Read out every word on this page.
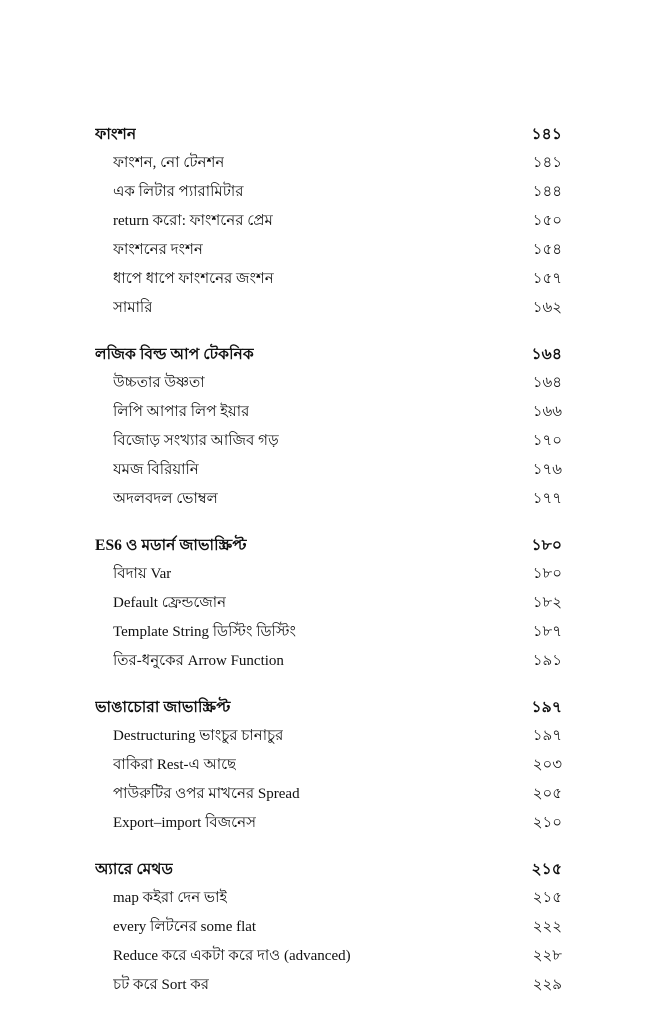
ফাংশন	১৪১
ফাংশন, নো টেনশন	১৪১
এক লিটার প্যারামিটার	১৪৪
return করো: ফাংশনের প্রেম	১৫০
ফাংশনের দংশন	১৫৪
ধাপে ধাপে ফাংশনের জংশন	১৫৭
সামারি	১৬২
লজিক বিল্ড আপ টেকনিক	১৬৪
উচ্চতার উষ্ণতা	১৬৪
লিপি আপার লিপ ইয়ার	১৬৬
বিজোড় সংখ্যার আজিব গড়	১৭০
যমজ বিরিয়ানি	১৭৬
অদলবদল ভোম্বল	১৭৭
ES6 ও মডার্ন জাভাস্ক্রিপ্ট	১৮০
বিদায় Var	১৮০
Default ফ্রেন্ডজোন	১৮২
Template String ডিস্টিং ডিস্টিং	১৮৭
তির-ধনুকের Arrow Function	১৯১
ভাঙাচোরা জাভাস্ক্রিপ্ট	১৯৭
Destructuring ভাংচুর চানাচুর	১৯৭
বাকিরা Rest-এ আছে	২০৩
পাউরুটির ওপর মাখনের Spread	২০৫
Export–import বিজনেস	২১০
অ্যারে মেথড	২১৫
map কইরা দেন ভাই	২১৫
every লিটনের some flat	২২২
Reduce করে একটা করে দাও (advanced)	২২৮
চট করে Sort কর	২২৯
